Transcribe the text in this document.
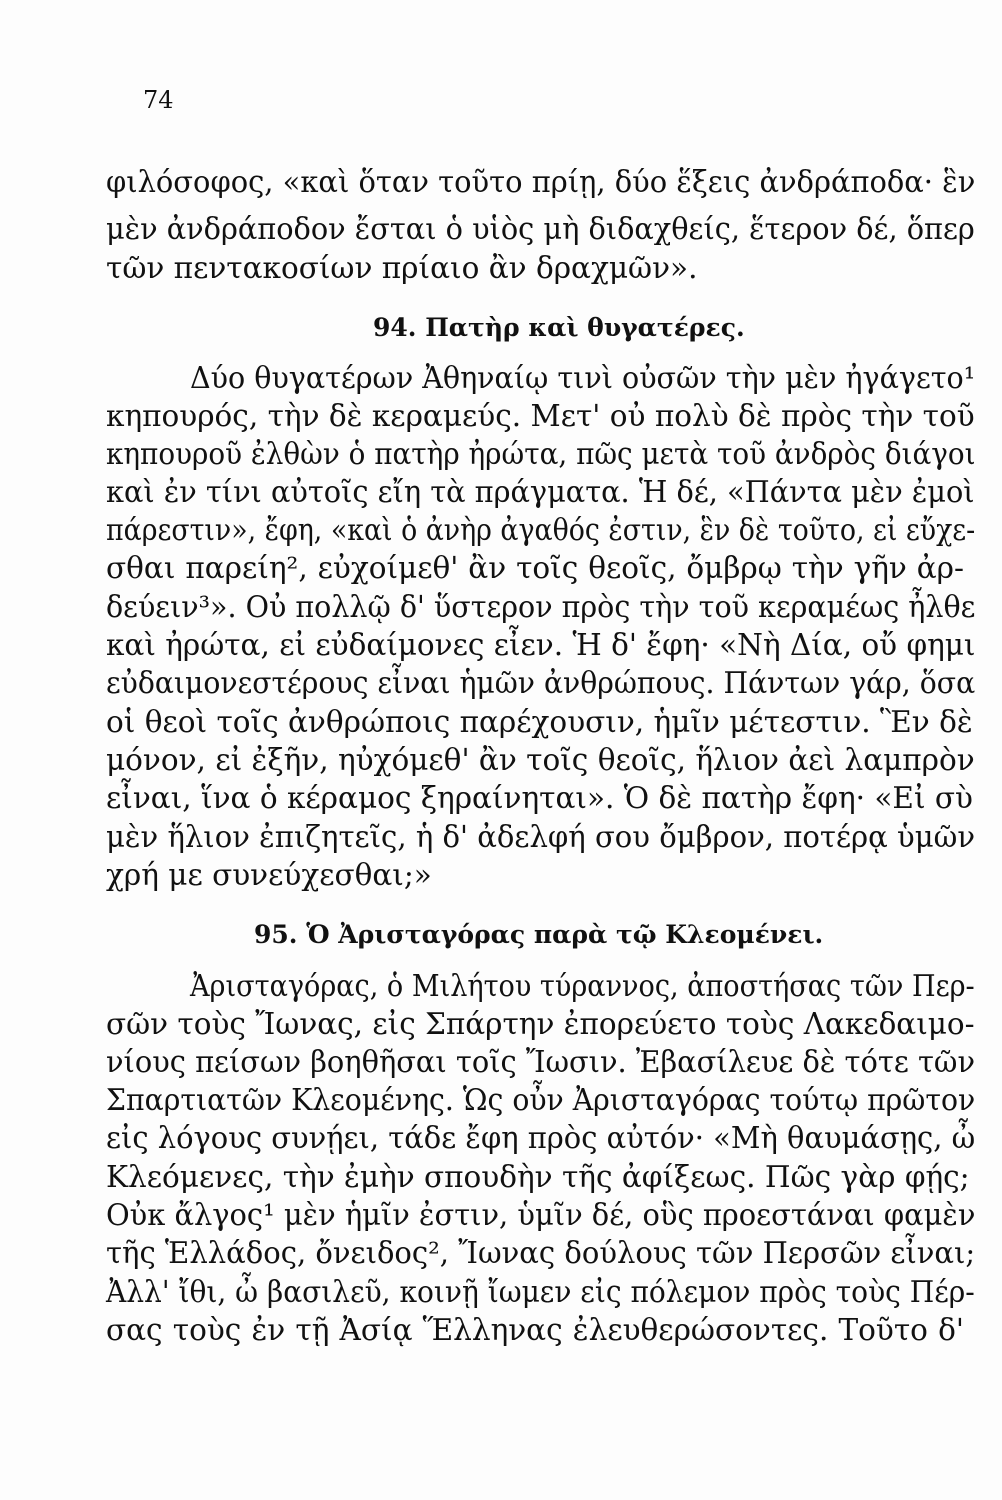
74

φιλόσοφος, «καὶ ὅταν τοῦτο πρίῃ, δύο ἕξεις ἀνδράποδα· ἓν

μὲν ἀνδράποδον ἔσται ὁ υἱὸς μὴ διδαχθείς, ἕτερον δέ, ὅπερ

τῶν πεντακοσίων πρίαιο ἂν δραχμῶν».

94. Πατὴρ καὶ θυγατέρες.

Δύο θυγατέρων Ἀθηναίῳ τινὶ οὐσῶν τὴν μὲν ἠγάγετο¹

κηπουρός, τὴν δὲ κεραμεύς. Μετ' οὐ πολὺ δὲ πρὸς τὴν τοῦ

κηπουροῦ ἐλθὼν ὁ πατὴρ ἠρώτα, πῶς μετὰ τοῦ ἀνδρὸς διάγοι

καὶ ἐν τίνι αὐτοῖς εἴη τὰ πράγματα. Ἡ δέ, «Πάντα μὲν ἐμοὶ

πάρεστιν», ἔφη, «καὶ ὁ ἀνὴρ ἀγαθός ἐστιν, ἓν δὲ τοῦτο, εἰ εὔχε-

σθαι παρείη², εὐχοίμεθ' ἂν τοῖς θεοῖς, ὄμβρῳ τὴν γῆν ἀρ-

δεύειν³». Οὐ πολλῷ δ' ὕστερον πρὸς τὴν τοῦ κεραμέως ἦλθε

καὶ ἠρώτα, εἰ εὐδαίμονες εἶεν. Ἡ δ' ἔφη· «Νὴ Δία, οὔ φημι

εὐδαιμονεστέρους εἶναι ἡμῶν ἀνθρώπους. Πάντων γάρ, ὅσα

οἱ θεοὶ τοῖς ἀνθρώποις παρέχουσιν, ἡμῖν μέτεστιν. Ἓν δὲ

μόνον, εἰ ἐξῆν, ηὐχόμεθ' ἂν τοῖς θεοῖς, ἥλιον ἀεὶ λαμπρὸν

εἶναι, ἵνα ὁ κέραμος ξηραίνηται». Ὁ δὲ πατὴρ ἔφη· «Εἰ σὺ

μὲν ἥλιον ἐπιζητεῖς, ἡ δ' ἀδελφή σου ὄμβρον, ποτέρᾳ ὑμῶν

χρή με συνεύχεσθαι;»

95. Ὁ Ἀρισταγόρας παρὰ τῷ Κλεομένει.

Ἀρισταγόρας, ὁ Μιλήτου τύραννος, ἀποστήσας τῶν Περ-

σῶν τοὺς Ἴωνας, εἰς Σπάρτην ἐπορεύετο τοὺς Λακεδαιμο-

νίους πείσων βοηθῆσαι τοῖς Ἴωσιν. Ἐβασίλευε δὲ τότε τῶν

Σπαρτιατῶν Κλεομένης. Ὡς οὖν Ἀρισταγόρας τούτῳ πρῶτον

εἰς λόγους συνῄει, τάδε ἔφη πρὸς αὐτόν· «Μὴ θαυμάσῃς, ὦ

Κλεόμενες, τὴν ἐμὴν σπουδὴν τῆς ἀφίξεως. Πῶς γὰρ φῄς;

Οὐκ ἄλγος¹ μὲν ἡμῖν ἐστιν, ὑμῖν δέ, οὓς προεστάναι φαμὲν

τῆς Ἑλλάδος, ὄνειδος², Ἴωνας δούλους τῶν Περσῶν εἶναι;

Ἀλλ' ἴθι, ὦ βασιλεῦ, κοινῇ ἴωμεν εἰς πόλεμον πρὸς τοὺς Πέρ-

σας τοὺς ἐν τῇ Ἀσίᾳ Ἕλληνας ἐλευθερώσοντες. Τοῦτο δ'
